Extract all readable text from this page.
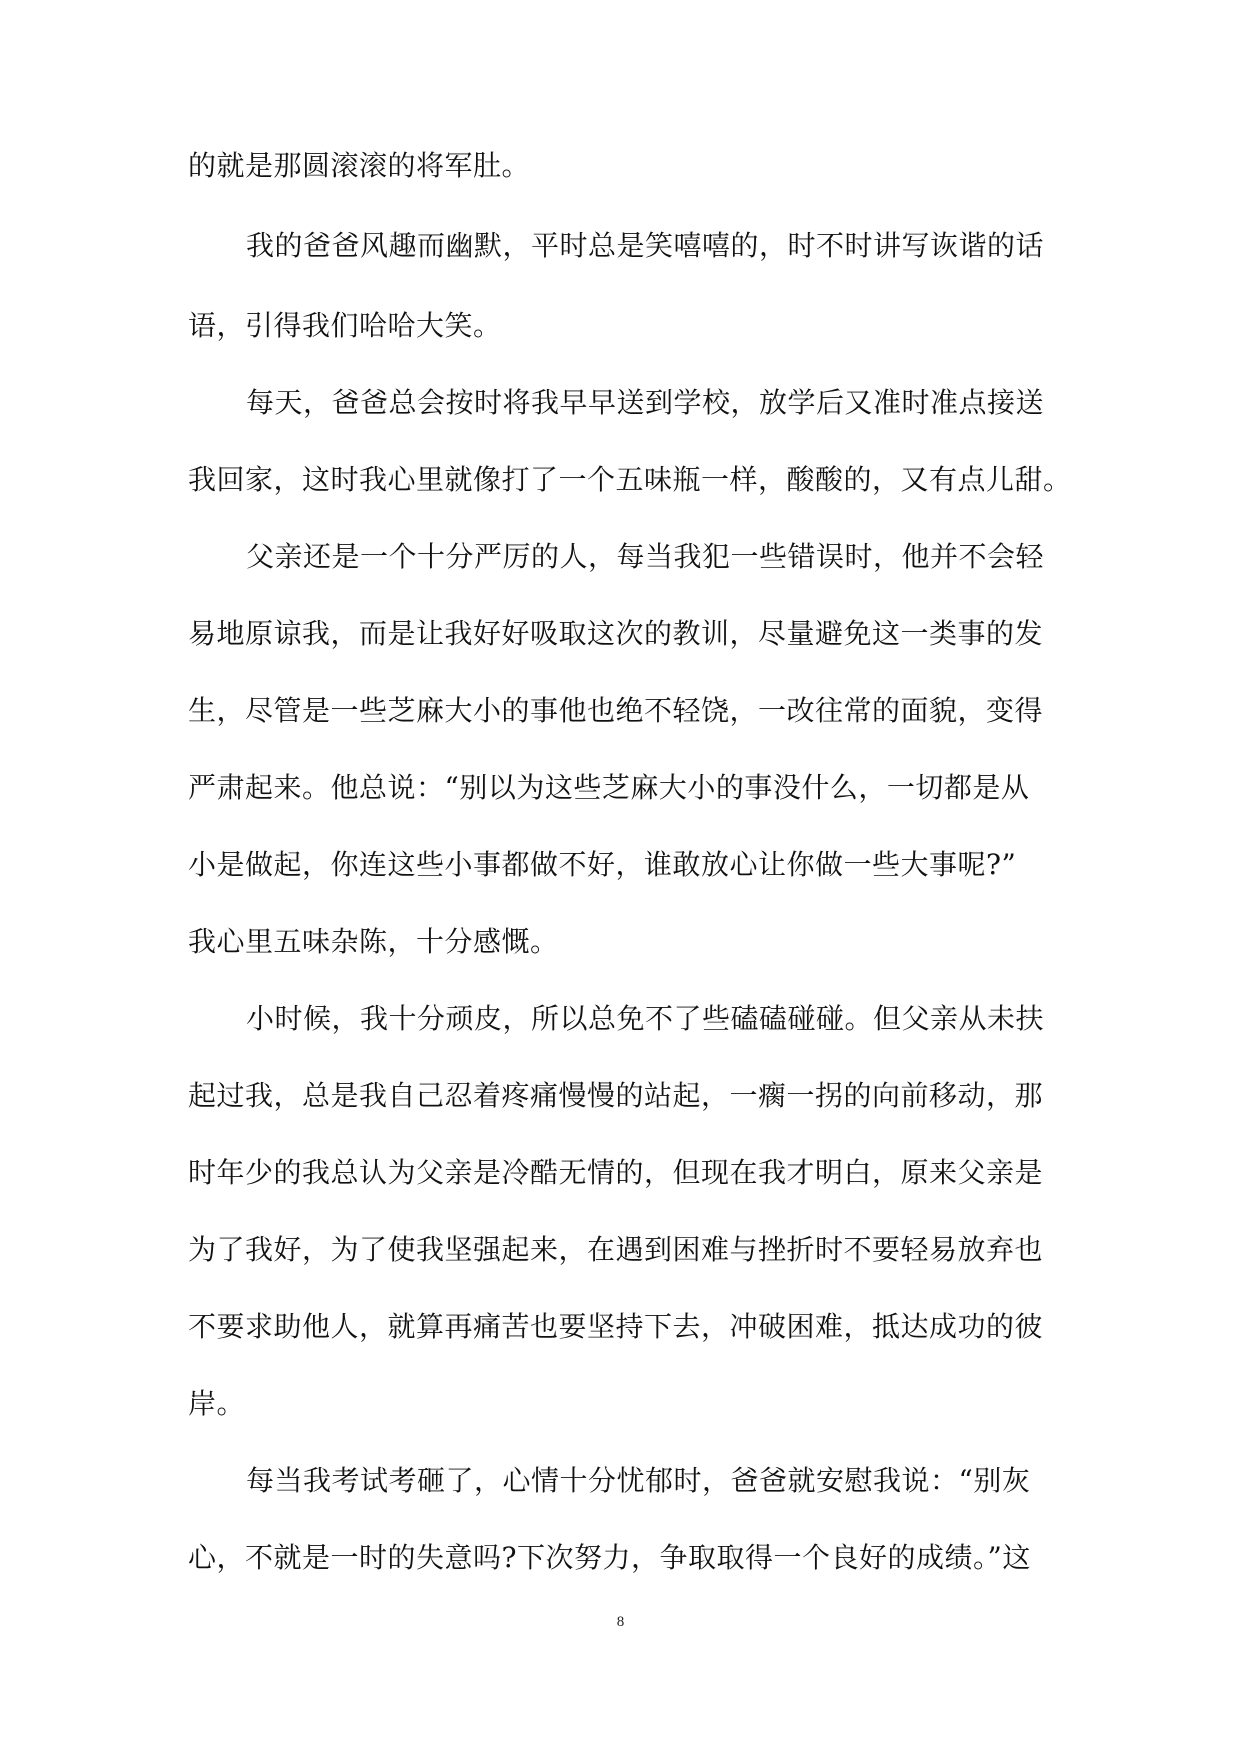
的就是那圆滚滚的将军肚。
我的爸爸风趣而幽默，平时总是笑嘻嘻的，时不时讲写诙谐的话
语，引得我们哈哈大笑。
每天，爸爸总会按时将我早早送到学校，放学后又准时准点接送
我回家，这时我心里就像打了一个五味瓶一样，酸酸的，又有点儿甜。
父亲还是一个十分严厉的人，每当我犯一些错误时，他并不会轻
易地原谅我，而是让我好好吸取这次的教训，尽量避免这一类事的发
生，尽管是一些芝麻大小的事他也绝不轻饶，一改往常的面貌，变得
严肃起来。他总说：“别以为这些芝麻大小的事没什么，一切都是从
小是做起，你连这些小事都做不好，谁敢放心让你做一些大事呢?”
我心里五味杂陈，十分感慨。
小时候，我十分顽皮，所以总免不了些磕磕碰碰。但父亲从未扶
起过我，总是我自己忍着疼痛慢慢的站起，一瘸一拐的向前移动，那
时年少的我总认为父亲是冷酷无情的，但现在我才明白，原来父亲是
为了我好，为了使我坚强起来，在遇到困难与挫折时不要轻易放弃也
不要求助他人，就算再痛苦也要坚持下去，冲破困难，抵达成功的彼
岸。
每当我考试考砸了，心情十分忧郁时，爸爸就安慰我说：“别灰
心，不就是一时的失意吗?下次努力，争取取得一个良好的成绩。”这
8
